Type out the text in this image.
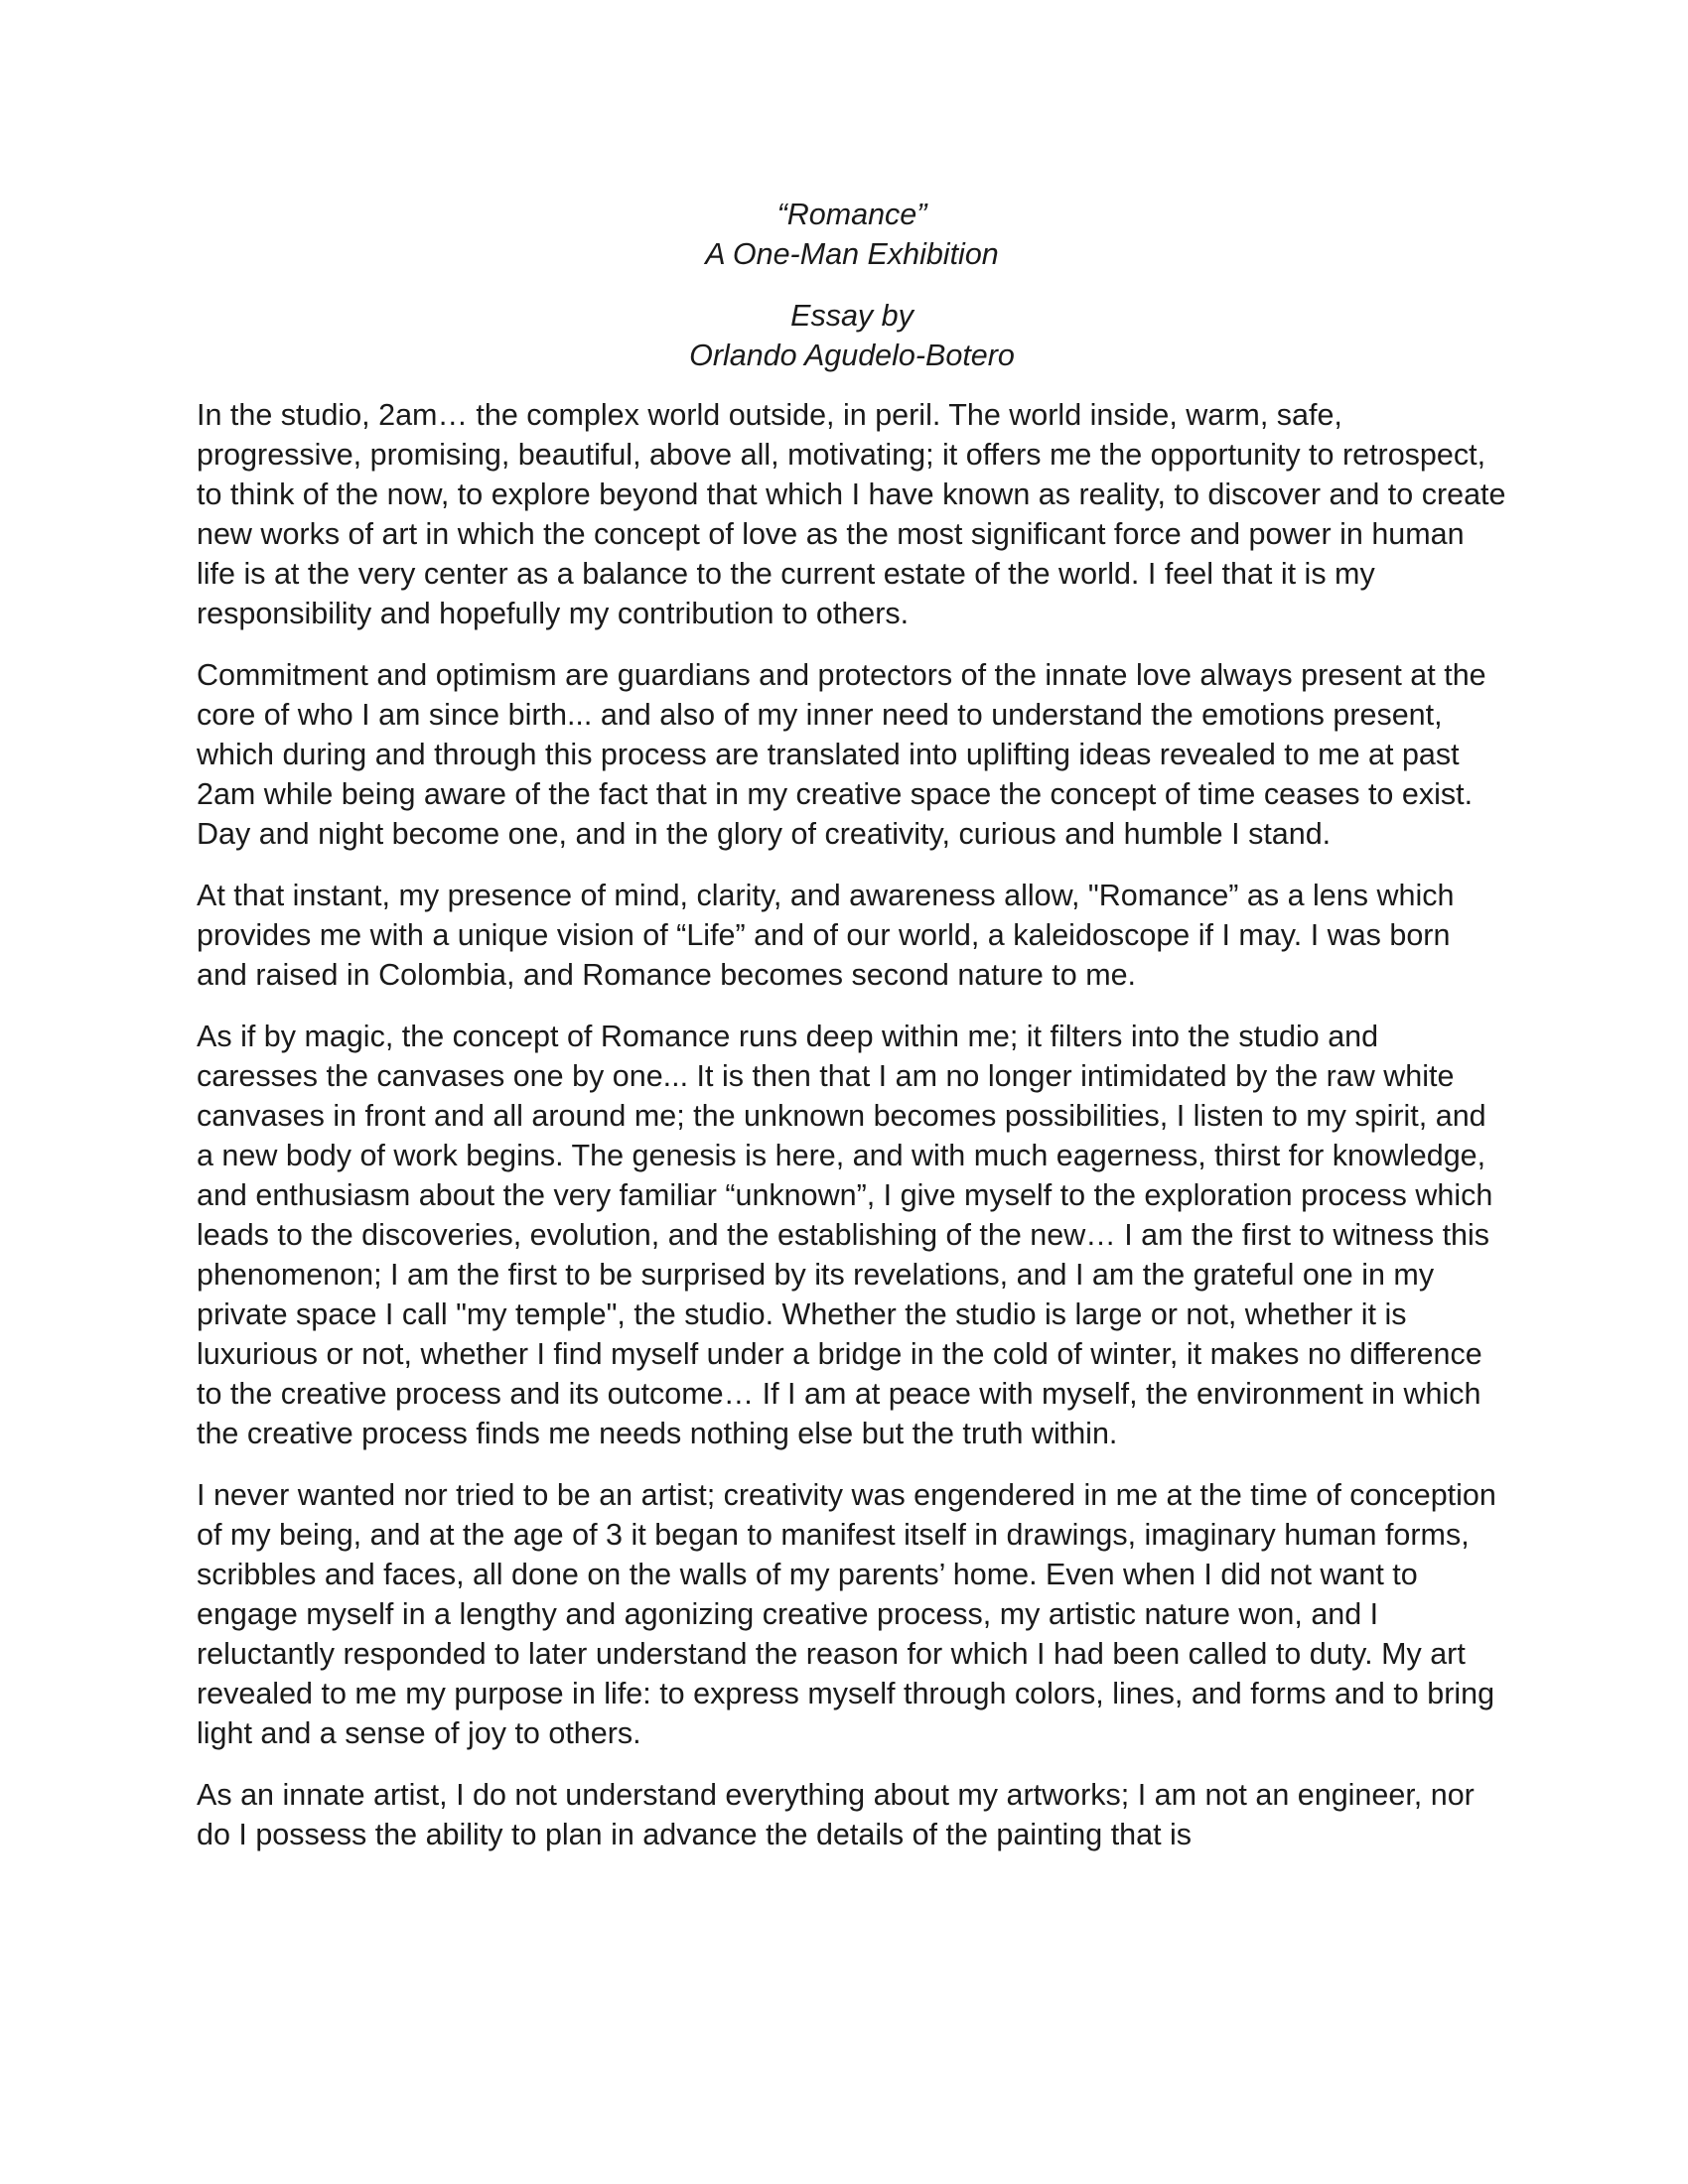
“Romance”
A One-Man Exhibition

Essay by
Orlando Agudelo-Botero

In the studio, 2am… the complex world outside, in peril. The world inside, warm, safe, progressive, promising, beautiful, above all, motivating; it offers me the opportunity to retrospect, to think of the now, to explore beyond that which I have known as reality, to discover and to create new works of art in which the concept of love as the most significant force and power in human life is at the very center as a balance to the current estate of the world. I feel that it is my responsibility and hopefully my contribution to others.

Commitment and optimism are guardians and protectors of the innate love always present at the core of who I am since birth... and also of my inner need to understand the emotions present, which during and through this process are translated into uplifting ideas revealed to me at past 2am while being aware of the fact that in my creative space the concept of time ceases to exist. Day and night become one, and in the glory of creativity, curious and humble I stand.

At that instant, my presence of mind, clarity, and awareness allow, "Romance” as a lens which provides me with a unique vision of “Life” and of our world, a kaleidoscope if I may. I was born and raised in Colombia, and Romance becomes second nature to me.

As if by magic, the concept of Romance runs deep within me; it filters into the studio and caresses the canvases one by one... It is then that I am no longer intimidated by the raw white canvases in front and all around me; the unknown becomes possibilities, I listen to my spirit, and a new body of work begins. The genesis is here, and with much eagerness, thirst for knowledge, and enthusiasm about the very familiar “unknown”, I give myself to the exploration process which leads to the discoveries, evolution, and the establishing of the new… I am the first to witness this phenomenon; I am the first to be surprised by its revelations, and I am the grateful one in my private space I call "my temple", the studio. Whether the studio is large or not, whether it is luxurious or not, whether I find myself under a bridge in the cold of winter, it makes no difference to the creative process and its outcome… If I am at peace with myself, the environment in which the creative process finds me needs nothing else but the truth within.

I never wanted nor tried to be an artist; creativity was engendered in me at the time of conception of my being, and at the age of 3 it began to manifest itself in drawings, imaginary human forms, scribbles and faces, all done on the walls of my parents’ home. Even when I did not want to engage myself in a lengthy and agonizing creative process, my artistic nature won, and I reluctantly responded to later understand the reason for which I had been called to duty. My art revealed to me my purpose in life: to express myself through colors, lines, and forms and to bring light and a sense of joy to others.

As an innate artist, I do not understand everything about my artworks; I am not an engineer, nor do I possess the ability to plan in advance the details of the painting that is
